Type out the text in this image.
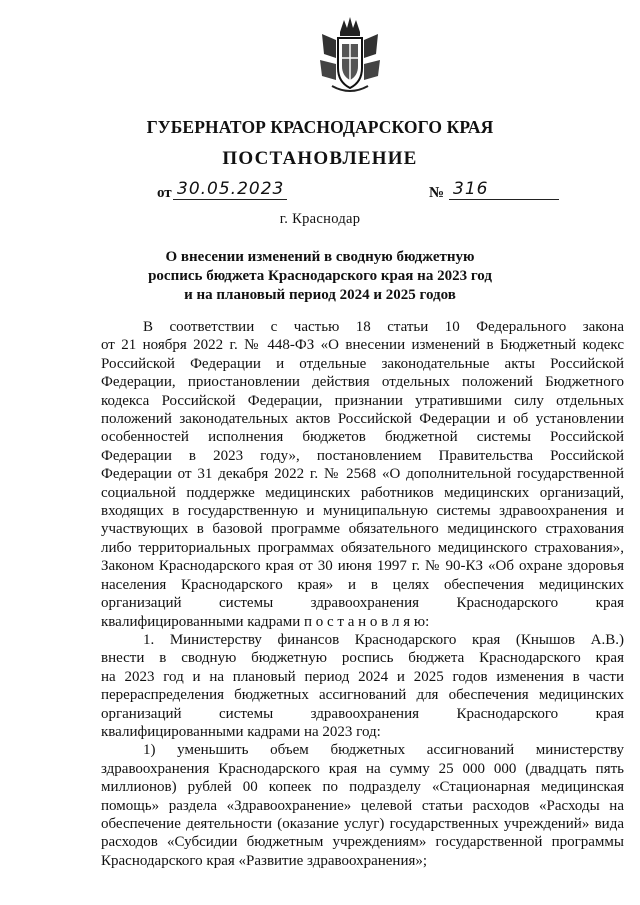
ГУБЕРНАТОР КРАСНОДАРСКОГО КРАЯ
ПОСТАНОВЛЕНИЕ
от 30.05.2023	№ 316
г. Краснодар
О внесении изменений в сводную бюджетную
роспись бюджета Краснодарского края на 2023 год
и на плановый период 2024 и 2025 годов
В соответствии с частью 18 статьи 10 Федерального закона
от 21 ноября 2022 г. № 448-ФЗ «О внесении изменений в Бюджетный кодекс
Российской Федерации и отдельные законодательные акты Российской
Федерации, приостановлении действия отдельных положений Бюджетного
кодекса Российской Федерации, признании утратившими силу отдельных
положений законодательных актов Российской Федерации и об установлении
особенностей исполнения бюджетов бюджетной системы Российской
Федерации в 2023 году», постановлением Правительства Российской
Федерации от 31 декабря 2022 г. № 2568 «О дополнительной государственной
социальной поддержке медицинских работников медицинских организаций,
входящих в государственную и муниципальную системы здравоохранения и
участвующих в базовой программе обязательного медицинского страхования
либо территориальных программах обязательного медицинского страхования»,
Законом Краснодарского края от 30 июня 1997 г. № 90-КЗ «Об охране здоровья
населения Краснодарского края» и в целях обеспечения медицинских
организаций системы здравоохранения Краснодарского края
квалифицированными кадрами п о с т а н о в л я ю:
1. Министерству финансов Краснодарского края (Кнышов А.В.)
внести в сводную бюджетную роспись бюджета Краснодарского края
на 2023 год и на плановый период 2024 и 2025 годов изменения в части
перераспределения бюджетных ассигнований для обеспечения медицинских
организаций системы здравоохранения Краснодарского края
квалифицированными кадрами на 2023 год:
1) уменьшить объем бюджетных ассигнований министерству
здравоохранения Краснодарского края на сумму 25 000 000 (двадцать пять
миллионов) рублей 00 копеек по подразделу «Стационарная медицинская
помощь» раздела «Здравоохранение» целевой статьи расходов «Расходы на
обеспечение деятельности (оказание услуг) государственных учреждений» вида
расходов «Субсидии бюджетным учреждениям» государственной программы
Краснодарского края «Развитие здравоохранения»;
